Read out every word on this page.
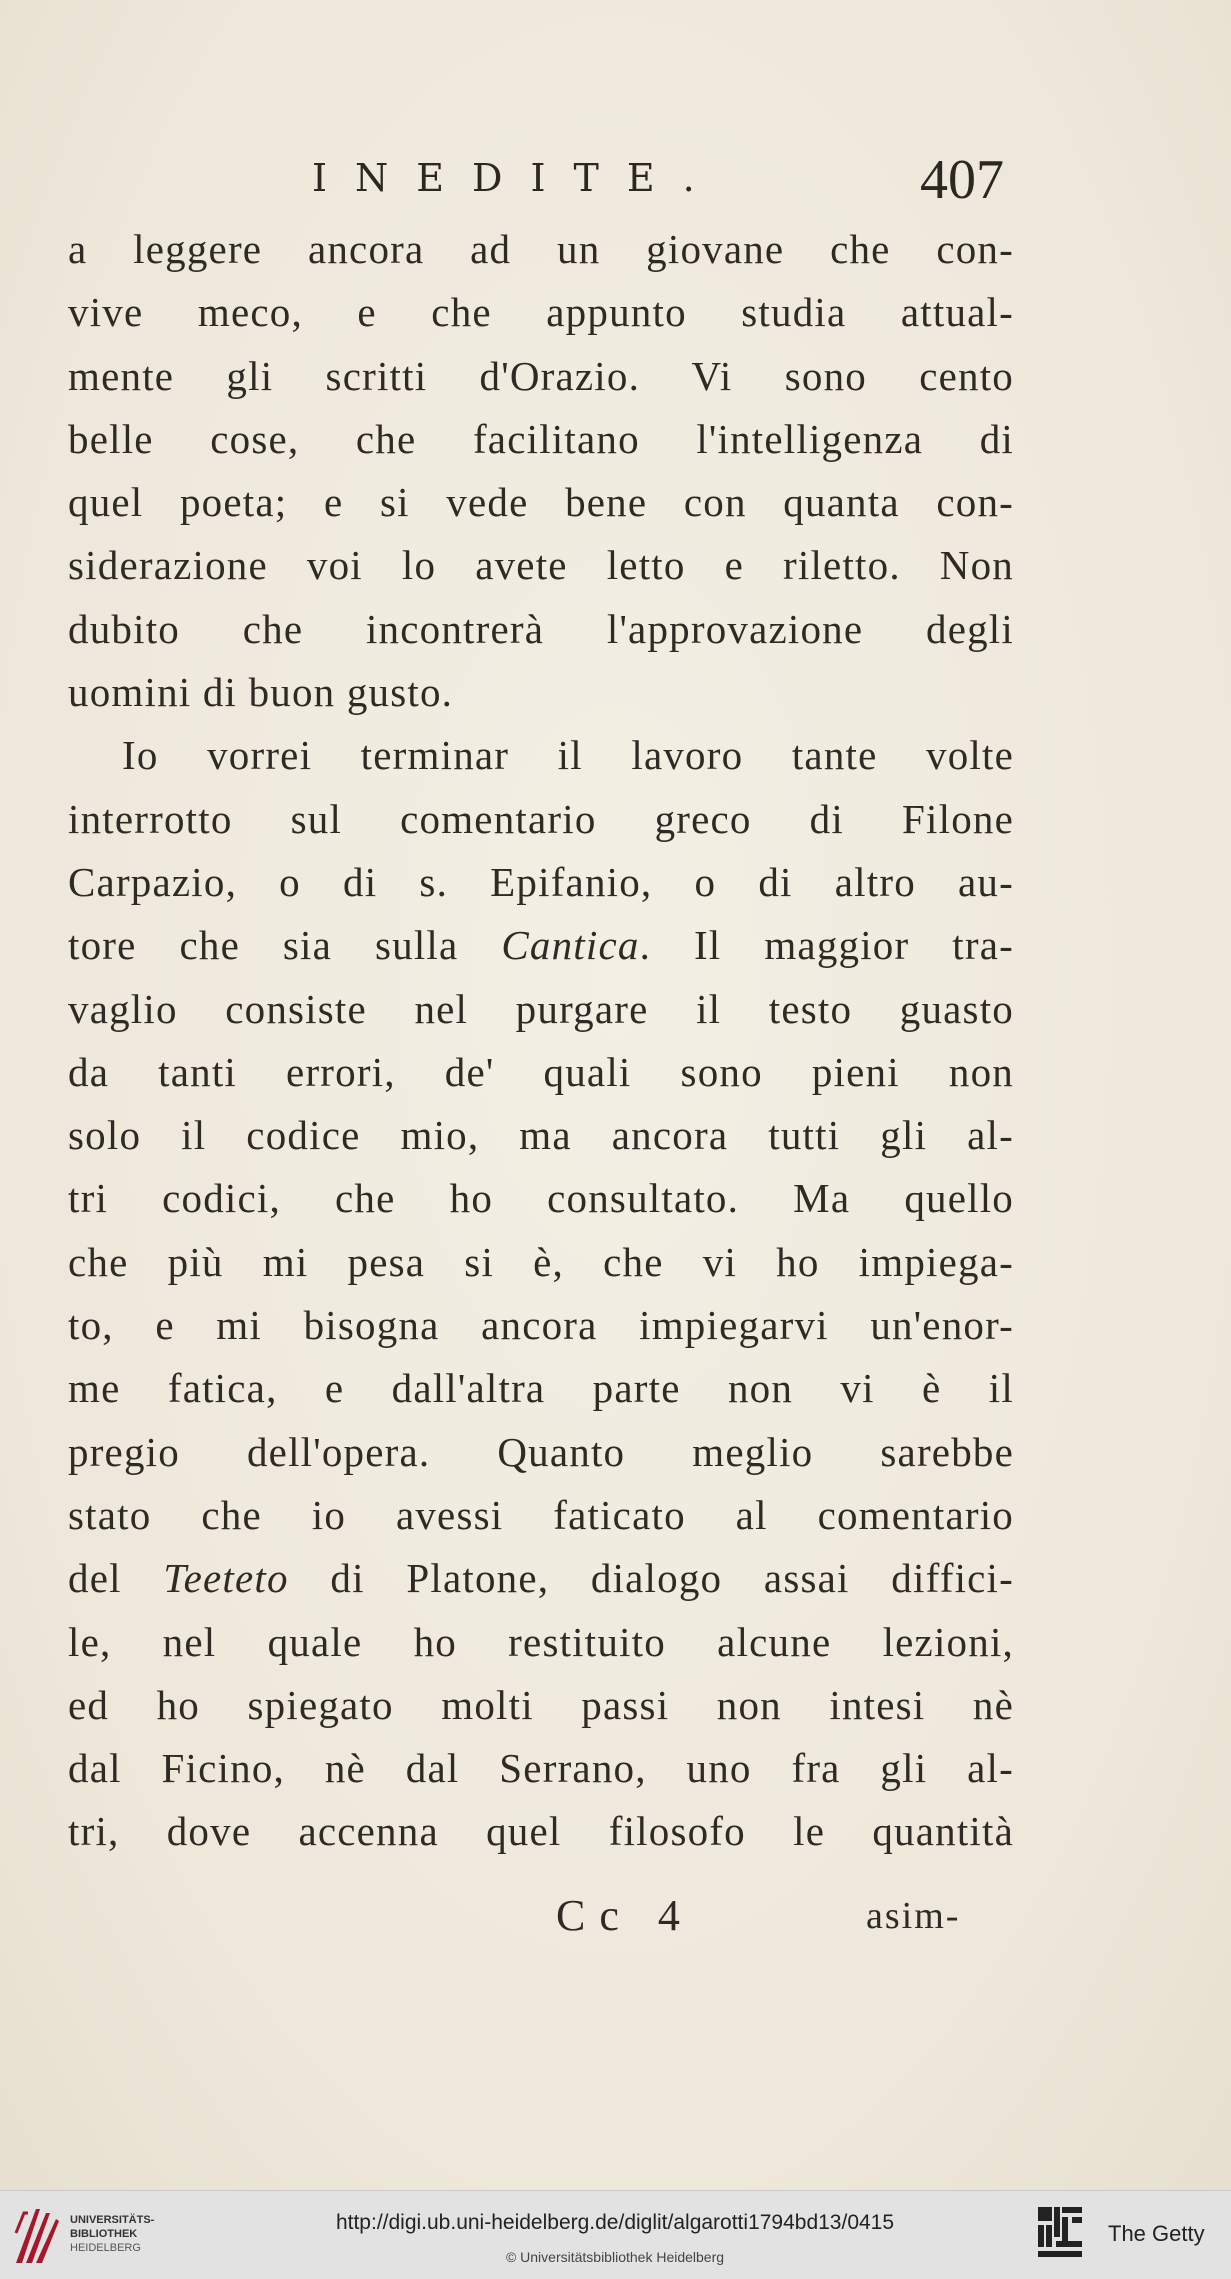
INEDITE.	407
a leggere ancora ad un giovane che con-
vive meco, e che appunto studia attual-
mente gli scritti d'Orazio. Vi sono cento
belle cose, che facilitano l'intelligenza di
quel poeta; e si vede bene con quanta con-
siderazione voi lo avete letto e riletto. Non
dubito che incontrerà l'approvazione degli
uomini di buon gusto.
Io vorrei terminar il lavoro tante volte
interrotto sul comentario greco di Filone
Carpazio, o di s. Epifanio, o di altro au-
tore che sia sulla Cantica. Il maggior tra-
vaglio consiste nel purgare il testo guasto
da tanti errori, de' quali sono pieni non
solo il codice mio, ma ancora tutti gli al-
tri codici, che ho consultato. Ma quello
che più mi pesa si è, che vi ho impiega-
to, e mi bisogna ancora impiegarvi un'enor-
me fatica, e dall'altra parte non vi è il
pregio dell'opera. Quanto meglio sarebbe
stato che io avessi faticato al comentario
del Teeteto di Platone, dialogo assai diffici-
le, nel quale ho restituito alcune lezioni,
ed ho spiegato molti passi non intesi nè
dal Ficino, nè dal Serrano, uno fra gli al-
tri, dove accenna quel filosofo le quantità
Cc 4	asim-
UNIVERSITÄTS-
BIBLIOTHEK
HEIDELBERG
http://digi.ub.uni-heidelberg.de/diglit/algarotti1794bd13/0415
© Universitätsbibliothek Heidelberg
The Getty
